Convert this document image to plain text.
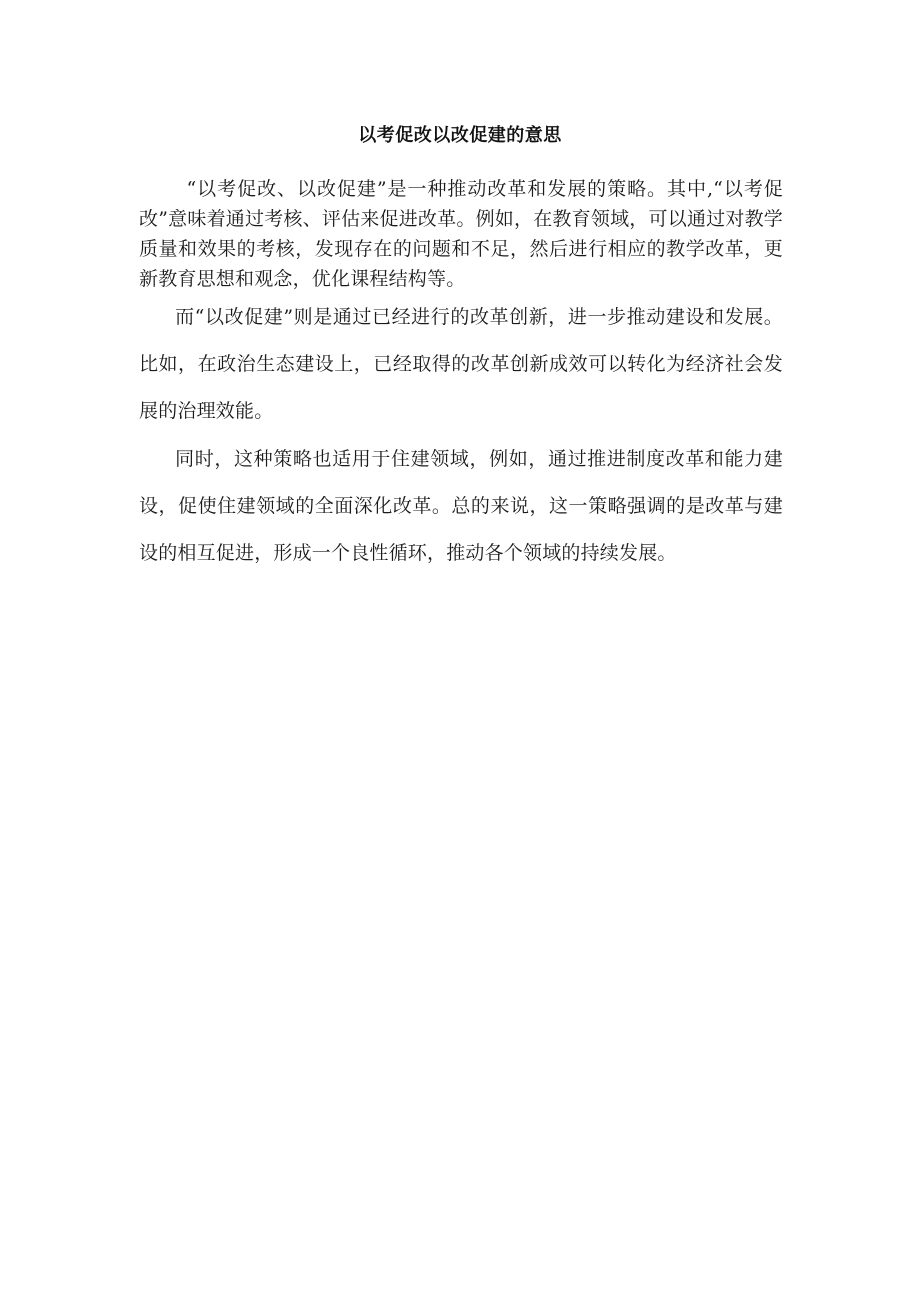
以考促改以改促建的意思

“以考促改、以改促建”是一种推动改革和发展的策略。其中,“以考促改”意味着通过考核、评估来促进改革。例如，在教育领域，可以通过对教学质量和效果的考核，发现存在的问题和不足，然后进行相应的教学改革，更新教育思想和观念，优化课程结构等。

而“以改促建”则是通过已经进行的改革创新，进一步推动建设和发展。比如，在政治生态建设上，已经取得的改革创新成效可以转化为经济社会发展的治理效能。

同时，这种策略也适用于住建领域，例如，通过推进制度改革和能力建设，促使住建领域的全面深化改革。总的来说，这一策略强调的是改革与建设的相互促进，形成一个良性循环，推动各个领域的持续发展。
